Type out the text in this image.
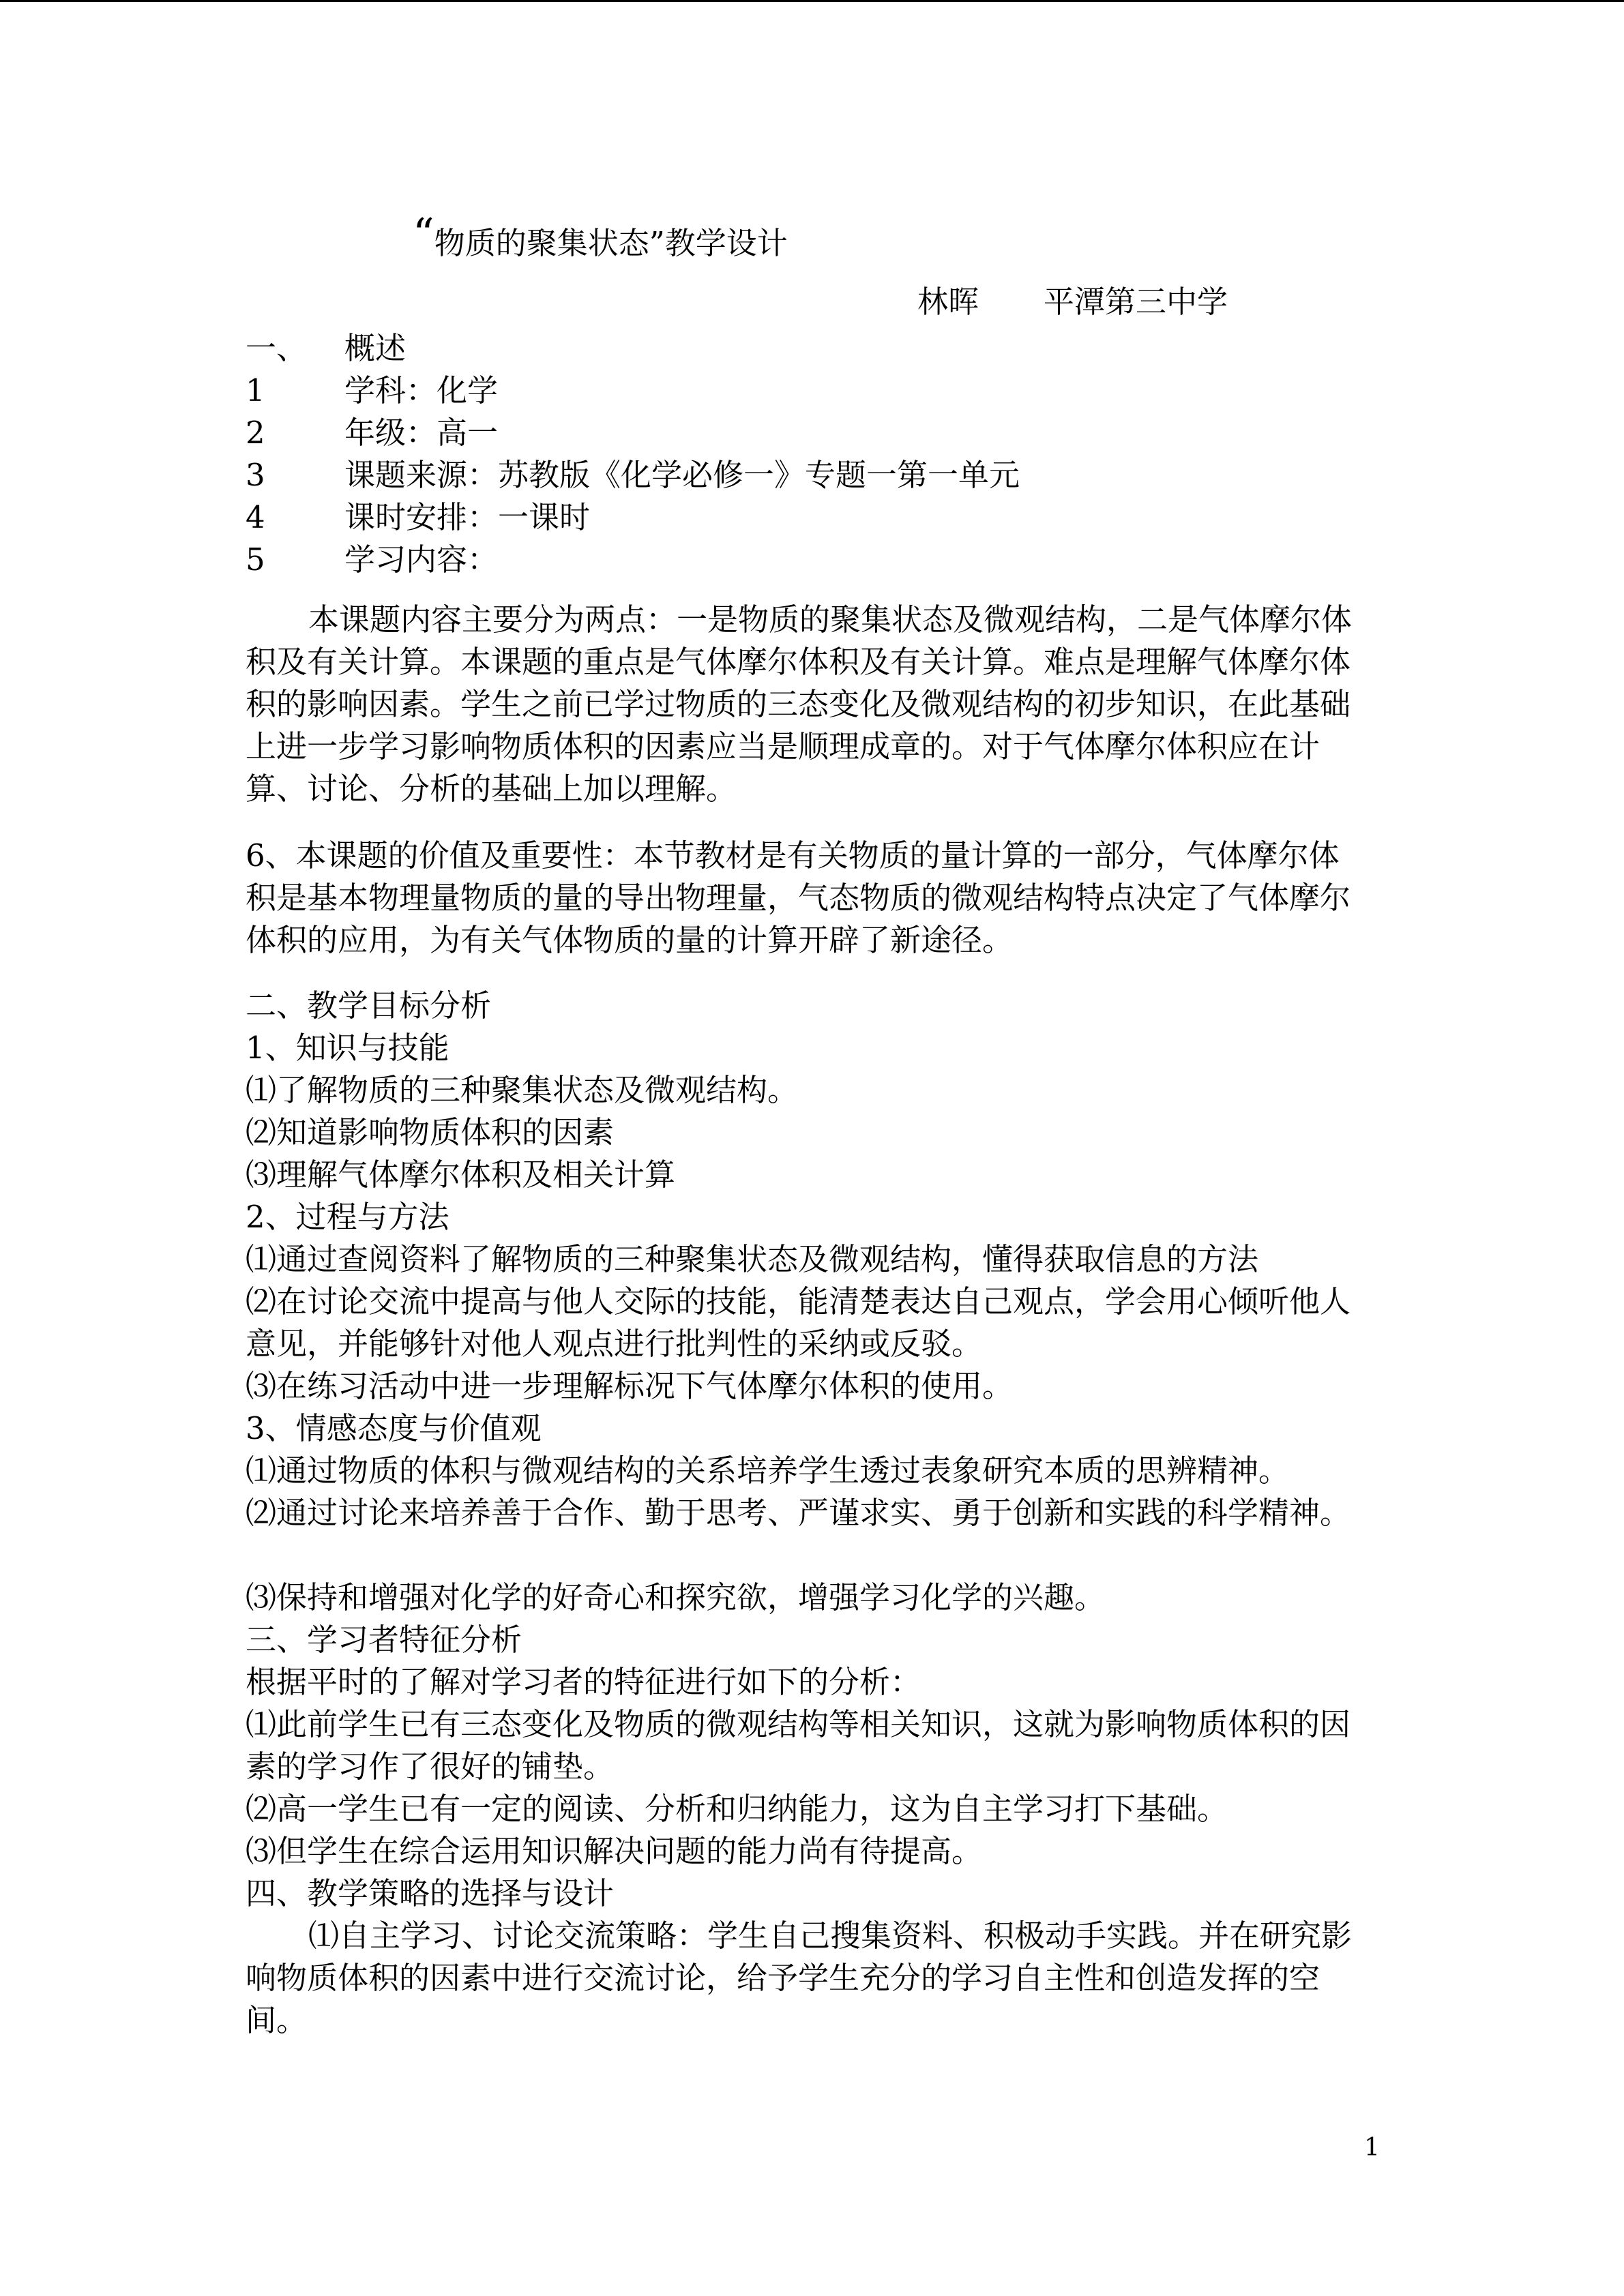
“物质的聚集状态”教学设计
林晖 平潭第三中学
一、 概述
1	学科：化学
2	年级：高一
3	课题来源：苏教版《化学必修一》专题一第一单元
4	课时安排：一课时
5	学习内容：
本课题内容主要分为两点：一是物质的聚集状态及微观结构，二是气体摩尔体积及有关计算。本课题的重点是气体摩尔体积及有关计算。难点是理解气体摩尔体积的影响因素。学生之前已学过物质的三态变化及微观结构的初步知识，在此基础上进一步学习影响物质体积的因素应当是顺理成章的。对于气体摩尔体积应在计算、讨论、分析的基础上加以理解。
6、本课题的价值及重要性：本节教材是有关物质的量计算的一部分，气体摩尔体积是基本物理量物质的量的导出物理量，气态物质的微观结构特点决定了气体摩尔体积的应用，为有关气体物质的量的计算开辟了新途径。
二、教学目标分析
1、知识与技能
⑴了解物质的三种聚集状态及微观结构。
⑵知道影响物质体积的因素
⑶理解气体摩尔体积及相关计算
2、过程与方法
⑴通过查阅资料了解物质的三种聚集状态及微观结构，懂得获取信息的方法
⑵在讨论交流中提高与他人交际的技能，能清楚表达自己观点，学会用心倾听他人意见，并能够针对他人观点进行批判性的采纳或反驳。
⑶在练习活动中进一步理解标况下气体摩尔体积的使用。
3、情感态度与价值观
⑴通过物质的体积与微观结构的关系培养学生透过表象研究本质的思辨精神。
⑵通过讨论来培养善于合作、勤于思考、严谨求实、勇于创新和实践的科学精神。
⑶保持和增强对化学的好奇心和探究欲，增强学习化学的兴趣。
三、学习者特征分析
根据平时的了解对学习者的特征进行如下的分析：
⑴此前学生已有三态变化及物质的微观结构等相关知识，这就为影响物质体积的因素的学习作了很好的铺垫。
⑵高一学生已有一定的阅读、分析和归纳能力，这为自主学习打下基础。
⑶但学生在综合运用知识解决问题的能力尚有待提高。
四、教学策略的选择与设计
⑴自主学习、讨论交流策略：学生自己搜集资料、积极动手实践。并在研究影响物质体积的因素中进行交流讨论，给予学生充分的学习自主性和创造发挥的空间。
1
